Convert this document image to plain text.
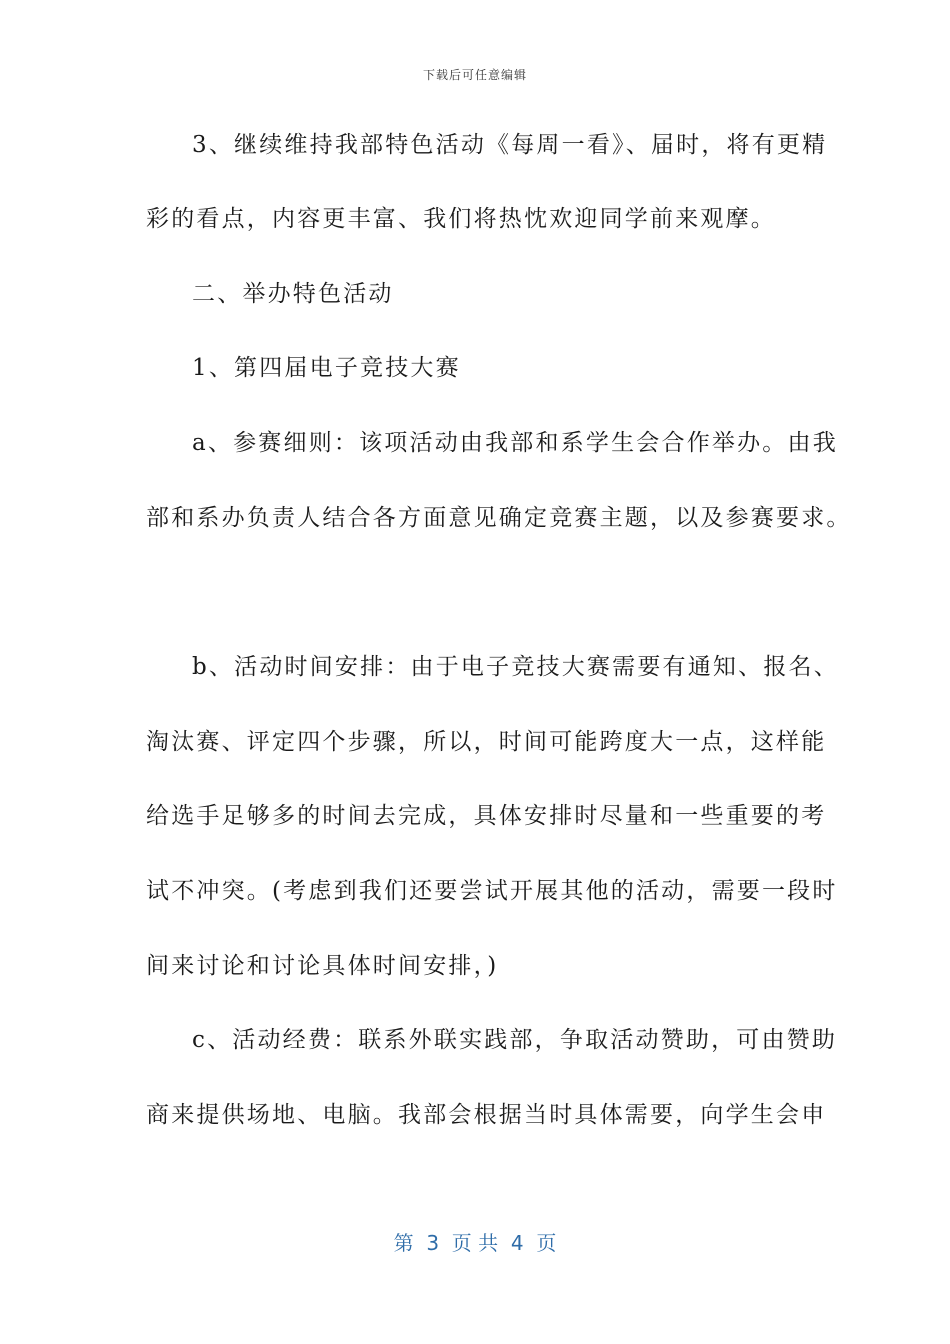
下载后可任意编辑
3、继续维持我部特色活动《每周一看》、届时，将有更精
彩的看点，内容更丰富、我们将热忱欢迎同学前来观摩。
二、举办特色活动
1、第四届电子竞技大赛
a、参赛细则：该项活动由我部和系学生会合作举办。由我
部和系办负责人结合各方面意见确定竞赛主题，以及参赛要求。
b、活动时间安排：由于电子竞技大赛需要有通知、报名、
淘汰赛、评定四个步骤，所以，时间可能跨度大一点，这样能
给选手足够多的时间去完成，具体安排时尽量和一些重要的考
试不冲突。(考虑到我们还要尝试开展其他的活动，需要一段时
间来讨论和讨论具体时间安排，)
c、活动经费：联系外联实践部，争取活动赞助，可由赞助
商来提供场地、电脑。我部会根据当时具体需要，向学生会申
第  3  页 共  4  页
